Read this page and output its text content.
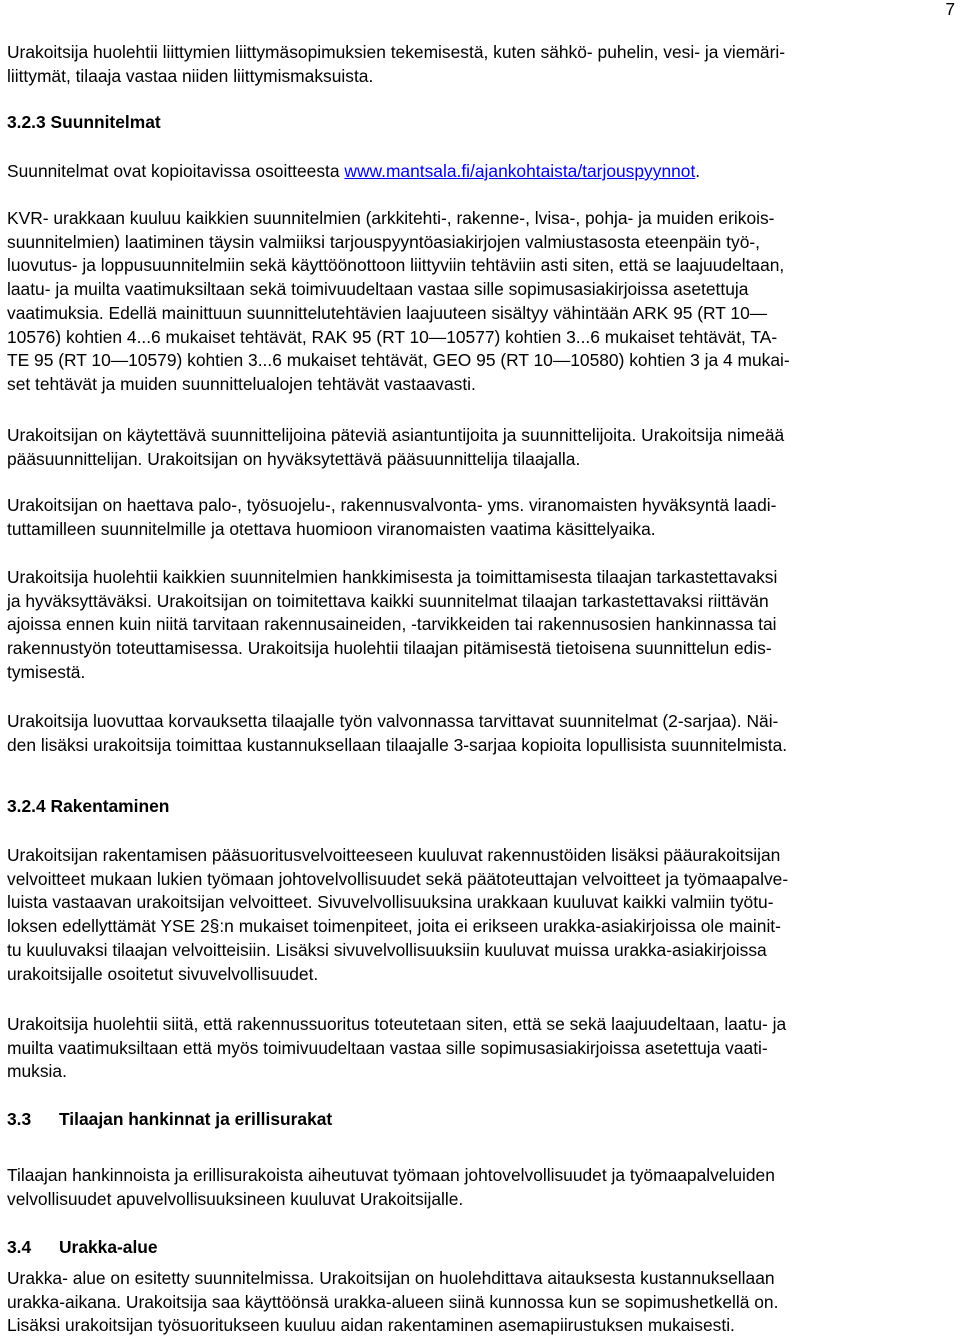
7

Urakoitsija huolehtii liittymien liittymäsopimuksien tekemisestä, kuten sähkö- puhelin, vesi- ja viemäri-
liittymät, tilaaja vastaa niiden liittymismaksuista.

3.2.3 Suunnitelmat

Suunnitelmat ovat kopioitavissa osoitteesta www.mantsala.fi/ajankohtaista/tarjouspyynnot.

KVR- urakkaan kuuluu kaikkien suunnitelmien (arkkitehti-, rakenne-, lvisa-, pohja- ja muiden erikois-
suunnitelmien) laatiminen täysin valmiiksi tarjouspyyntöasiakirjojen valmiustasosta eteenpäin työ-,
luovutus- ja loppusuunnitelmiin sekä käyttöönottoon liittyviin tehtäviin asti siten, että se laajuudeltaan,
laatu- ja muilta vaatimuksiltaan sekä toimivuudeltaan vastaa sille sopimusasiakirjoissa asetettuja
vaatimuksia. Edellä mainittuun suunnittelutehtävien laajuuteen sisältyy vähintään ARK 95 (RT 10—
10576) kohtien 4...6 mukaiset tehtävät, RAK 95 (RT 10—10577) kohtien 3...6 mukaiset tehtävät, TA-
TE 95 (RT 10—10579) kohtien 3...6 mukaiset tehtävät, GEO 95 (RT 10—10580) kohtien 3 ja 4 mukai-
set tehtävät ja muiden suunnittelualojen tehtävät vastaavasti.

Urakoitsijan on käytettävä suunnittelijoina päteviä asiantuntijoita ja suunnittelijoita. Urakoitsija nimeää
pääsuunnittelijan. Urakoitsijan on hyväksytettävä pääsuunnittelija tilaajalla.

Urakoitsijan on haettava palo-, työsuojelu-, rakennusvalvonta- yms. viranomaisten hyväksyntä laadi-
tuttamilleen suunnitelmille ja otettava huomioon viranomaisten vaatima käsittelyaika.

Urakoitsija huolehtii kaikkien suunnitelmien hankkimisesta ja toimittamisesta tilaajan tarkastettavaksi
ja hyväksyttäväksi. Urakoitsijan on toimitettava kaikki suunnitelmat tilaajan tarkastettavaksi riittävän
ajoissa ennen kuin niitä tarvitaan rakennusaineiden, -tarvikkeiden tai rakennusosien hankinnassa tai
rakennustyön toteuttamisessa. Urakoitsija huolehtii tilaajan pitämisestä tietoisena suunnittelun edis-
tymisestä.

Urakoitsija luovuttaa korvauksetta tilaajalle työn valvonnassa tarvittavat suunnitelmat (2-sarjaa). Näi-
den lisäksi urakoitsija toimittaa kustannuksellaan tilaajalle 3-sarjaa kopioita lopullisista suunnitelmista.

3.2.4 Rakentaminen

Urakoitsijan rakentamisen pääsuoritusvelvoitteeseen kuuluvat rakennustöiden lisäksi pääurakoitsijan
velvoitteet mukaan lukien työmaan johtovelvollisuudet sekä päätoteuttajan velvoitteet ja työmaapalve-
luista vastaavan urakoitsijan velvoitteet. Sivuvelvollisuuksina urakkaan kuuluvat kaikki valmiin työtu-
loksen edellyttämät YSE 2§:n mukaiset toimenpiteet, joita ei erikseen urakka-asiakirjoissa ole mainit-
tu kuuluvaksi tilaajan velvoitteisiin. Lisäksi sivuvelvollisuuksiin kuuluvat muissa urakka-asiakirjoissa
urakoitsijalle osoitetut sivuvelvollisuudet.

Urakoitsija huolehtii siitä, että rakennussuoritus toteutetaan siten, että se sekä laajuudeltaan, laatu- ja
muilta vaatimuksiltaan että myös toimivuudeltaan vastaa sille sopimusasiakirjoissa asetettuja vaati-
muksia.

3.3 Tilaajan hankinnat ja erillisurakat

Tilaajan hankinnoista ja erillisurakoista aiheutuvat työmaan johtovelvollisuudet ja työmaapalveluiden
velvollisuudet apuvelvollisuuksineen kuuluvat Urakoitsijalle.

3.4 Urakka-alue

Urakka- alue on esitetty suunnitelmissa. Urakoitsijan on huolehdittava aitauksesta kustannuksellaan
urakka-aikana. Urakoitsija saa käyttöönsä urakka-alueen siinä kunnossa kun se sopimushetkellä on.
Lisäksi urakoitsijan työsuoritukseen kuuluu aidan rakentaminen asemapiirustuksen mukaisesti.
